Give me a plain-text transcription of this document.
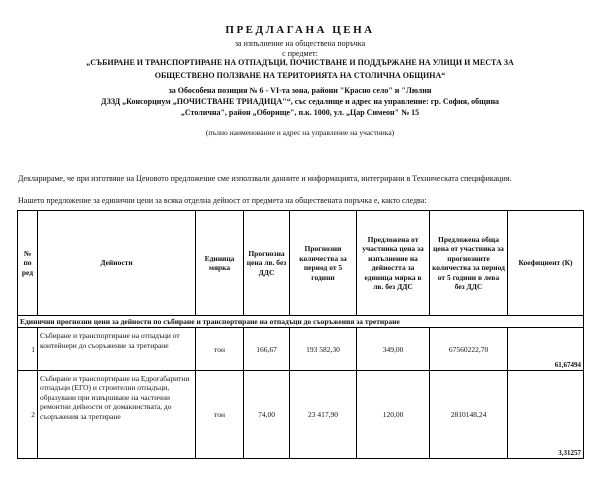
ПРЕДЛАГАНА ЦЕНА
за изпълнение на обществена поръчка
с предмет:
„СЪБИРАНЕ И ТРАНСПОРТИРАНЕ НА ОТПАДЪЦИ, ПОЧИСТВАНЕ И ПОДДЪРЖАНЕ НА УЛИЦИ И МЕСТА ЗА
ОБЩЕСТВЕНО ПОЛЗВАНЕ НА ТЕРИТОРИЯТА НА СТОЛИЧНА ОБЩИНА“
за Обособена позиция № 6 - VI-та зона, райони "Красно село" и "Люлин
ДЗЗД „Консорциум „ПОЧИСТВАНЕ ТРИАДИЦА"“, със седалище и адрес на управление: гр. София, община
„Столична", район „Оборище", п.к. 1000, ул. „Цар Симеон" № 15
(пълно наименование и адрес на управление на участника)
Декларираме, че при изготвяне на Ценовото предложение сме използвали данните и информацията, интегрирани в Техническата спецификация.
Нашето предложение за единични цени за всяка отделна дейност от предмета на обществената поръчка е, както следва:
№ по ред	Дейности	Единица мярка	Прогнозна цена лв. без ДДС	Прогнозни количества за период от 5 години	Предложена от участника цена за изпълнение на дейността за единица мярка в лв. без ДДС	Предложена обща цена от участника за прогнозните количества за период от 5 години в лева без ДДС	Коефициент (К)
Единични прогнозни цени за дейности по събиране и транспортиране на отпадъци до съоръжения за третиране							
1	Събиране и транспортиране на отпадъци от контейнери до съоръжение за третиране	тон	166,67	193 582,30	349,00	67560222,70	61,67494
2	Събиране и транспортиране на Едрогабаритни отпадъци (ЕГО) и строителни отпадъци, образувани при извършване на частични ремонтни дейности от домакинствата, до съоръжения за третиране	тон	74,00	23 417,90	120,00	2810148,24	3,31257
